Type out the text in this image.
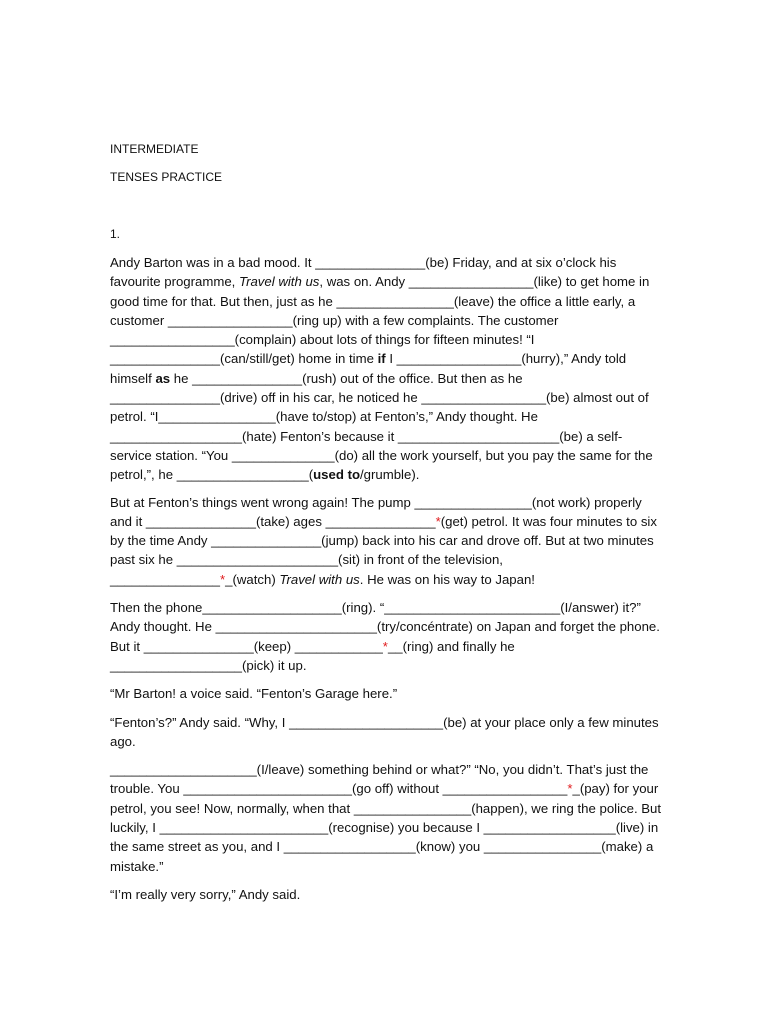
INTERMEDIATE
TENSES PRACTICE
1.

Andy Barton was in a bad mood. It _______________(be) Friday, and at six o’clock his favourite programme, Travel with us, was on. Andy _________________(like) to get home in good time for that. But then, just as he ________________(leave) the office a little early, a customer _________________(ring up) with a few complaints. The customer _________________(complain) about lots of things for fifteen minutes! “I _______________(can/still/get) home in time if I _________________(hurry),” Andy told himself as he _______________(rush) out of the office. But then as he _______________(drive) off in his car, he noticed he _________________(be) almost out of petrol. “I________________(have to/stop) at Fenton’s,” Andy thought. He __________________(hate) Fenton’s because it ______________________(be) a self-service station. “You ______________(do) all the work yourself, but you pay the same for the petrol,”, he __________________(used to/grumble).

But at Fenton’s things went wrong again! The pump ________________(not work) properly and it _______________(take) ages _______________*(get) petrol. It was four minutes to six by the time Andy _______________(jump) back into his car and drove off. But at two minutes past six he ______________________(sit) in front of the television, _______________*_(watch) Travel with us. He was on his way to Japan!

Then the phone___________________(ring). “________________________(I/answer) it?” Andy thought. He ______________________(try/concéntrate) on Japan and forget the phone. But it _______________(keep) ____________*__(ring) and finally he __________________(pick) it up.

“Mr Barton! a voice said. “Fenton’s Garage here.”

“Fenton’s?” Andy said. “Why, I _____________________(be) at your place only a few minutes ago.

____________________(I/leave) something behind or what?” “No, you didn’t. That’s just the trouble. You _______________________(go off) without _________________*_(pay) for your petrol, you see! Now, normally, when that ________________(happen), we ring the police. But luckily, I _______________________(recognise) you because I __________________(live) in the same street as you, and I __________________(know) you ________________(make) a mistake.”

“I’m really very sorry,” Andy said.
